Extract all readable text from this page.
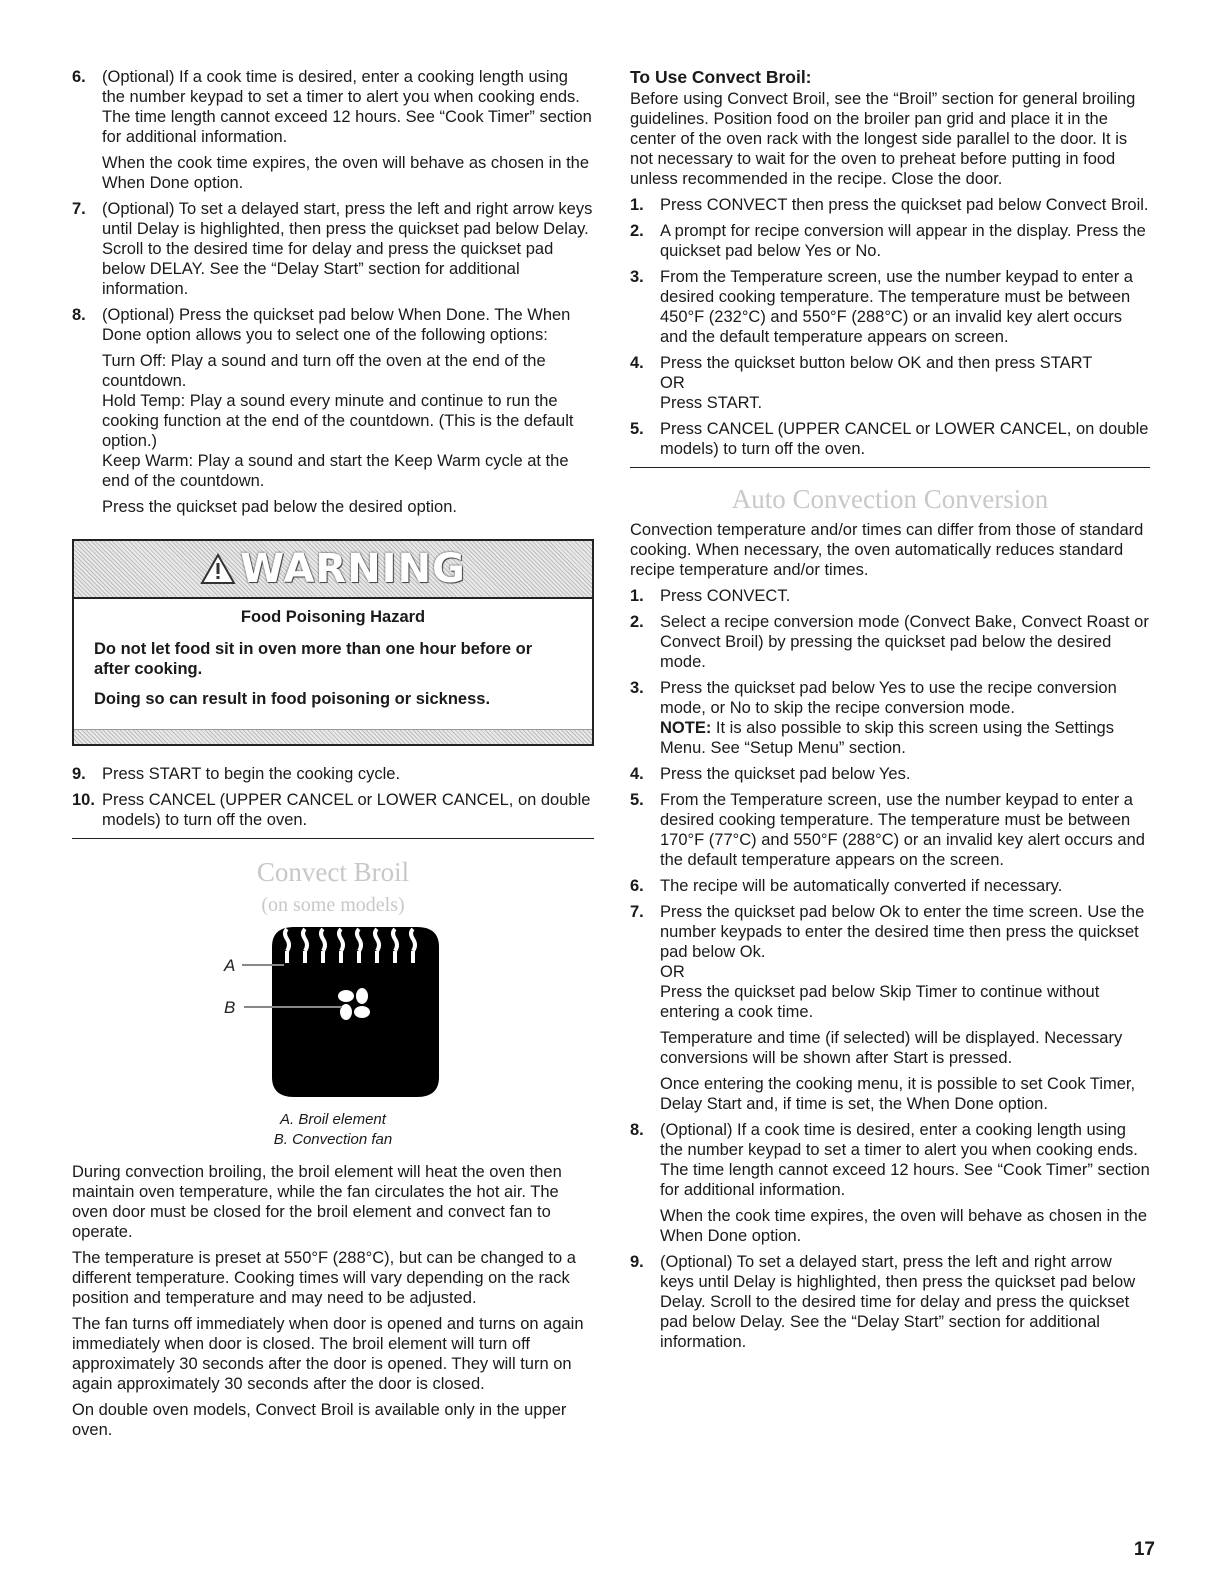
6. (Optional) If a cook time is desired, enter a cooking length using the number keypad to set a timer to alert you when cooking ends. The time length cannot exceed 12 hours. See “Cook Timer” section for additional information.

When the cook time expires, the oven will behave as chosen in the When Done option.

7. (Optional) To set a delayed start, press the left and right arrow keys until Delay is highlighted, then press the quickset pad below Delay. Scroll to the desired time for delay and press the quickset pad below DELAY. See the “Delay Start” section for additional information.
8. (Optional) Press the quickset pad below When Done. The When Done option allows you to select one of the following options:

Turn Off: Play a sound and turn off the oven at the end of the countdown.

Hold Temp: Play a sound every minute and continue to run the cooking function at the end of the countdown. (This is the default option.)

Keep Warm: Play a sound and start the Keep Warm cycle at the end of the countdown.

Press the quickset pad below the desired option.

WARNING
Food Poisoning Hazard

Do not let food sit in oven more than one hour before or after cooking.

Doing so can result in food poisoning or sickness.

9. Press START to begin the cooking cycle.
10. Press CANCEL (UPPER CANCEL or LOWER CANCEL, on double models) to turn off the oven.
Convect Broil
(on some models)
A
B
A. Broil element
B. Convection fan

During convection broiling, the broil element will heat the oven then maintain oven temperature, while the fan circulates the hot air. The oven door must be closed for the broil element and convect fan to operate.

The temperature is preset at 550°F (288°C), but can be changed to a different temperature. Cooking times will vary depending on the rack position and temperature and may need to be adjusted.

The fan turns off immediately when door is opened and turns on again immediately when door is closed. The broil element will turn off approximately 30 seconds after the door is opened. They will turn on again approximately 30 seconds after the door is closed.

On double oven models, Convect Broil is available only in the upper oven.

To Use Convect Broil:

Before using Convect Broil, see the “Broil” section for general broiling guidelines. Position food on the broiler pan grid and place it in the center of the oven rack with the longest side parallel to the door. It is not necessary to wait for the oven to preheat before putting in food unless recommended in the recipe. Close the door.

1. Press CONVECT then press the quickset pad below Convect Broil.
2. A prompt for recipe conversion will appear in the display. Press the quickset pad below Yes or No.
3. From the Temperature screen, use the number keypad to enter a desired cooking temperature. The temperature must be between 450°F (232°C) and 550°F (288°C) or an invalid key alert occurs and the default temperature appears on screen.
4. Press the quickset button below OK and then press START
OR
Press START.
5. Press CANCEL (UPPER CANCEL or LOWER CANCEL, on double models) to turn off the oven.
Auto Convection Conversion

Convection temperature and/or times can differ from those of standard cooking. When necessary, the oven automatically reduces standard recipe temperature and/or times.

1. Press CONVECT.
2. Select a recipe conversion mode (Convect Bake, Convect Roast or Convect Broil) by pressing the quickset pad below the desired mode.
3. Press the quickset pad below Yes to use the recipe conversion mode, or No to skip the recipe conversion mode.
NOTE: It is also possible to skip this screen using the Settings Menu. See “Setup Menu” section.
4. Press the quickset pad below Yes.
5. From the Temperature screen, use the number keypad to enter a desired cooking temperature. The temperature must be between 170°F (77°C) and 550°F (288°C) or an invalid key alert occurs and the default temperature appears on the screen.
6. The recipe will be automatically converted if necessary.
7. Press the quickset pad below Ok to enter the time screen. Use the number keypads to enter the desired time then press the quickset pad below Ok.
OR
Press the quickset pad below Skip Timer to continue without entering a cook time.

Temperature and time (if selected) will be displayed. Necessary conversions will be shown after Start is pressed.

Once entering the cooking menu, it is possible to set Cook Timer, Delay Start and, if time is set, the When Done option.

8. (Optional) If a cook time is desired, enter a cooking length using the number keypad to set a timer to alert you when cooking ends. The time length cannot exceed 12 hours. See “Cook Timer” section for additional information.

When the cook time expires, the oven will behave as chosen in the When Done option.

9. (Optional) To set a delayed start, press the left and right arrow keys until Delay is highlighted, then press the quickset pad below Delay. Scroll to the desired time for delay and press the quickset pad below Delay. See the “Delay Start” section for additional information.
17
